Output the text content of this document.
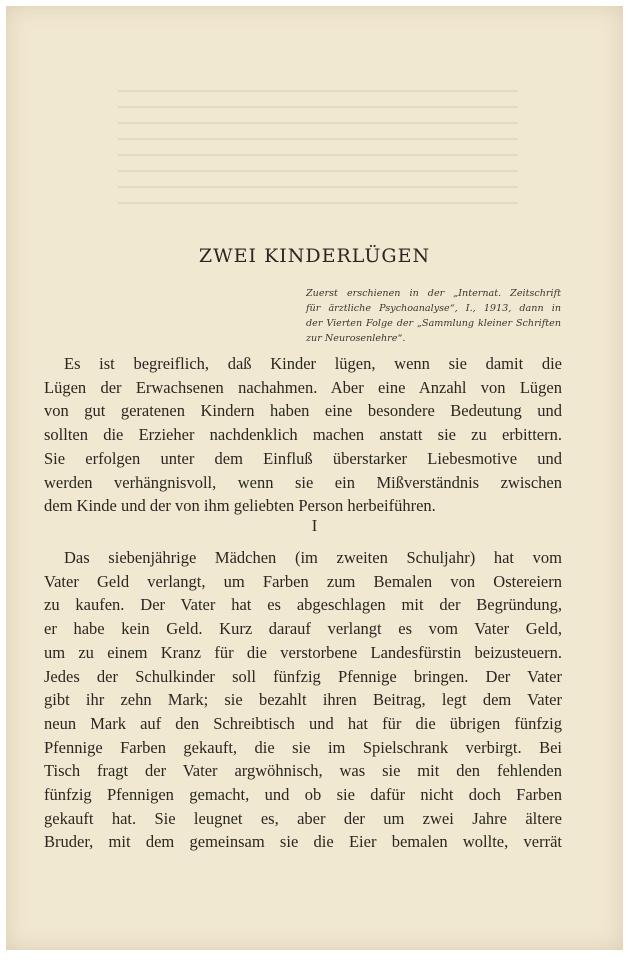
ZWEI KINDERLÜGEN
Zuerst erschienen in der „Internat. Zeitschrift
für ärztliche Psychoanalyse“, I., 1913, dann in
der Vierten Folge der „Sammlung kleiner Schriften
zur Neurosenlehre“.
Es ist begreiflich, daß Kinder lügen, wenn sie damit die
Lügen der Erwachsenen nachahmen. Aber eine Anzahl von Lügen
von gut geratenen Kindern haben eine besondere Bedeutung und
sollten die Erzieher nachdenklich machen anstatt sie zu erbittern.
Sie erfolgen unter dem Einfluß überstarker Liebesmotive und
werden verhängnisvoll, wenn sie ein Mißverständnis zwischen
dem Kinde und der von ihm geliebten Person herbeiführen.
I
Das siebenjährige Mädchen (im zweiten Schuljahr) hat vom
Vater Geld verlangt, um Farben zum Bemalen von Ostereiern
zu kaufen. Der Vater hat es abgeschlagen mit der Begründung,
er habe kein Geld. Kurz darauf verlangt es vom Vater Geld,
um zu einem Kranz für die verstorbene Landesfürstin beizusteuern.
Jedes der Schulkinder soll fünfzig Pfennige bringen. Der Vater
gibt ihr zehn Mark; sie bezahlt ihren Beitrag, legt dem Vater
neun Mark auf den Schreibtisch und hat für die übrigen fünfzig
Pfennige Farben gekauft, die sie im Spielschrank verbirgt. Bei
Tisch fragt der Vater argwöhnisch, was sie mit den fehlenden
fünfzig Pfennigen gemacht, und ob sie dafür nicht doch Farben
gekauft hat. Sie leugnet es, aber der um zwei Jahre ältere
Bruder, mit dem gemeinsam sie die Eier bemalen wollte, verrät
